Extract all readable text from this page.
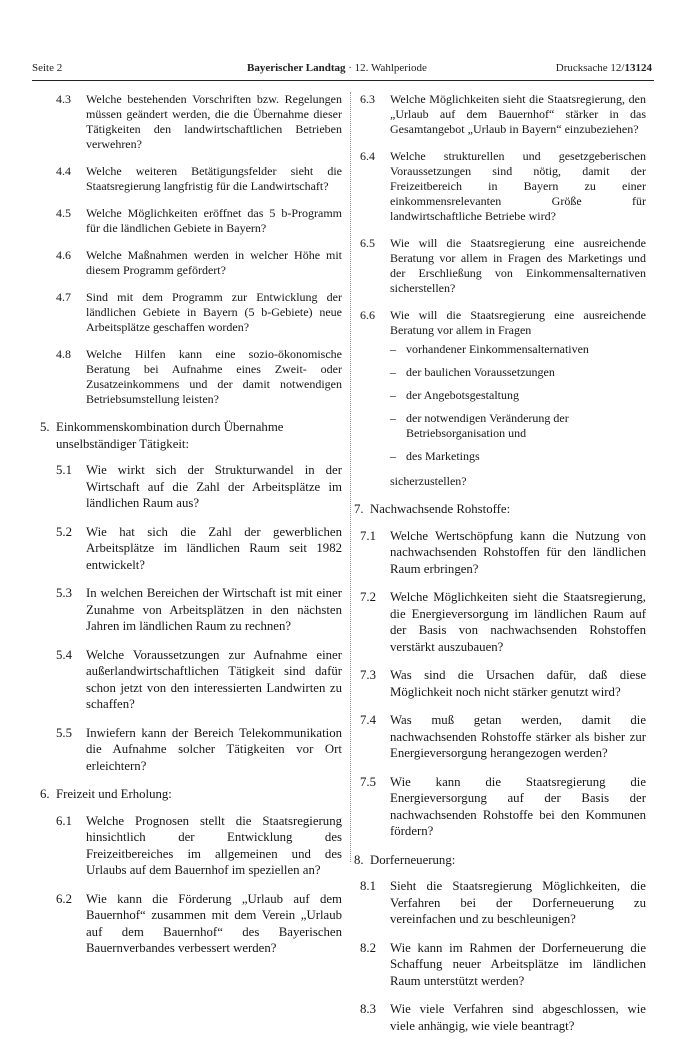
Seite 2	Bayerischer Landtag · 12. Wahlperiode	Drucksache 12/13124
4.3	Welche bestehenden Vorschriften bzw. Regelungen müssen geändert werden, die die Übernahme dieser Tätigkeiten den landwirtschaftlichen Betrieben verwehren?
4.4	Welche weiteren Betätigungsfelder sieht die Staatsregierung langfristig für die Landwirtschaft?
4.5	Welche Möglichkeiten eröffnet das 5 b-Programm für die ländlichen Gebiete in Bayern?
4.6	Welche Maßnahmen werden in welcher Höhe mit diesem Programm gefördert?
4.7	Sind mit dem Programm zur Entwicklung der ländlichen Gebiete in Bayern (5 b-Gebiete) neue Arbeitsplätze geschaffen worden?
4.8	Welche Hilfen kann eine sozio-ökonomische Beratung bei Aufnahme eines Zweit- oder Zusatzeinkommens und der damit notwendigen Betriebsumstellung leisten?
5. Einkommenskombination durch Übernahme unselbständiger Tätigkeit:
5.1	Wie wirkt sich der Strukturwandel in der Wirtschaft auf die Zahl der Arbeitsplätze im ländlichen Raum aus?
5.2	Wie hat sich die Zahl der gewerblichen Arbeitsplätze im ländlichen Raum seit 1982 entwickelt?
5.3	In welchen Bereichen der Wirtschaft ist mit einer Zunahme von Arbeitsplätzen in den nächsten Jahren im ländlichen Raum zu rechnen?
5.4	Welche Voraussetzungen zur Aufnahme einer außerlandwirtschaftlichen Tätigkeit sind dafür schon jetzt von den interessierten Landwirten zu schaffen?
5.5	Inwiefern kann der Bereich Telekommunikation die Aufnahme solcher Tätigkeiten vor Ort erleichtern?
6. Freizeit und Erholung:
6.1	Welche Prognosen stellt die Staatsregierung hinsichtlich der Entwicklung des Freizeitbereiches im allgemeinen und des Urlaubs auf dem Bauernhof im speziellen an?
6.2	Wie kann die Förderung „Urlaub auf dem Bauernhof“ zusammen mit dem Verein „Urlaub auf dem Bauernhof“ des Bayerischen Bauernverbandes verbessert werden?
6.3	Welche Möglichkeiten sieht die Staatsregierung, den „Urlaub auf dem Bauernhof“ stärker in das Gesamtangebot „Urlaub in Bayern“ einzubeziehen?
6.4	Welche strukturellen und gesetzgeberischen Voraussetzungen sind nötig, damit der Freizeitbereich in Bayern zu einer einkommensrelevanten Größe für landwirtschaftliche Betriebe wird?
6.5	Wie will die Staatsregierung eine ausreichende Beratung vor allem in Fragen des Marketings und der Erschließung von Einkommensalternativen sicherstellen?
6.6	Wie will die Staatsregierung eine ausreichende Beratung vor allem in Fragen
– vorhandener Einkommensalternativen
– der baulichen Voraussetzungen
– der Angebotsgestaltung
– der notwendigen Veränderung der Betriebsorganisation und
– des Marketings
sicherzustellen?
7. Nachwachsende Rohstoffe:
7.1	Welche Wertschöpfung kann die Nutzung von nachwachsenden Rohstoffen für den ländlichen Raum erbringen?
7.2	Welche Möglichkeiten sieht die Staatsregierung, die Energieversorgung im ländlichen Raum auf der Basis von nachwachsenden Rohstoffen verstärkt auszubauen?
7.3	Was sind die Ursachen dafür, daß diese Möglichkeit noch nicht stärker genutzt wird?
7.4	Was muß getan werden, damit die nachwachsenden Rohstoffe stärker als bisher zur Energieversorgung herangezogen werden?
7.5	Wie kann die Staatsregierung die Energieversorgung auf der Basis der nachwachsenden Rohstoffe bei den Kommunen fördern?
8. Dorferneuerung:
8.1	Sieht die Staatsregierung Möglichkeiten, die Verfahren bei der Dorferneuerung zu vereinfachen und zu beschleunigen?
8.2	Wie kann im Rahmen der Dorferneuerung die Schaffung neuer Arbeitsplätze im ländlichen Raum unterstützt werden?
8.3	Wie viele Verfahren sind abgeschlossen, wie viele anhängig, wie viele beantragt?
